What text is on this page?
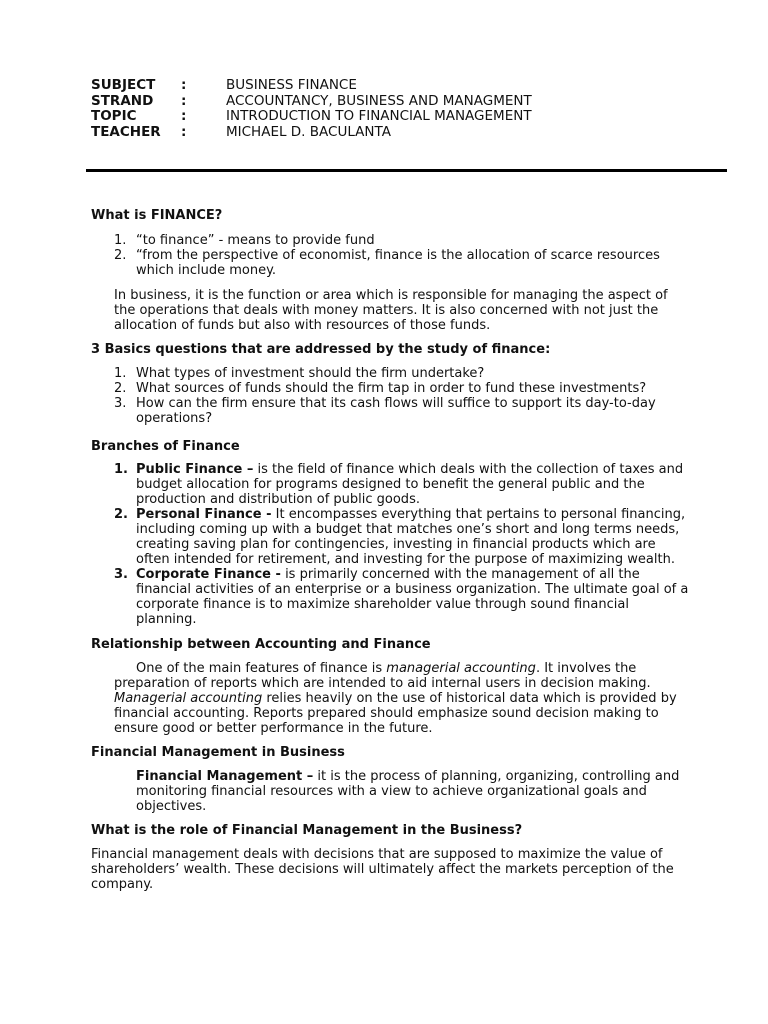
SUBJECT	:	BUSINESS FINANCE
STRAND	:	ACCOUNTANCY, BUSINESS AND MANAGMENT
TOPIC	:	INTRODUCTION TO FINANCIAL MANAGEMENT
TEACHER	:	MICHAEL D. BACULANTA

What is FINANCE?

1. “to finance” - means to provide fund
2. “from the perspective of economist, finance is the allocation of scarce resources which include money.

In business, it is the function or area which is responsible for managing the aspect of the operations that deals with money matters. It is also concerned with not just the allocation of funds but also with resources of those funds.

3 Basics questions that are addressed by the study of finance:

1. What types of investment should the firm undertake?
2. What sources of funds should the firm tap in order to fund these investments?
3. How can the firm ensure that its cash flows will suffice to support its day-to-day operations?

Branches of Finance

1. Public Finance – is the field of finance which deals with the collection of taxes and budget allocation for programs designed to benefit the general public and the production and distribution of public goods.
2. Personal Finance - It encompasses everything that pertains to personal financing, including coming up with a budget that matches one’s short and long terms needs, creating saving plan for contingencies, investing in financial products which are often intended for retirement, and investing for the purpose of maximizing wealth.
3. Corporate Finance - is primarily concerned with the management of all the financial activities of an enterprise or a business organization. The ultimate goal of a corporate finance is to maximize shareholder value through sound financial planning.

Relationship between Accounting and Finance

One of the main features of finance is managerial accounting. It involves the preparation of reports which are intended to aid internal users in decision making. Managerial accounting relies heavily on the use of historical data which is provided by financial accounting. Reports prepared should emphasize sound decision making to ensure good or better performance in the future.

Financial Management in Business

Financial Management – it is the process of planning, organizing, controlling and monitoring financial resources with a view to achieve organizational goals and objectives.

What is the role of Financial Management in the Business?

Financial management deals with decisions that are supposed to maximize the value of shareholders’ wealth. These decisions will ultimately affect the markets perception of the company.
